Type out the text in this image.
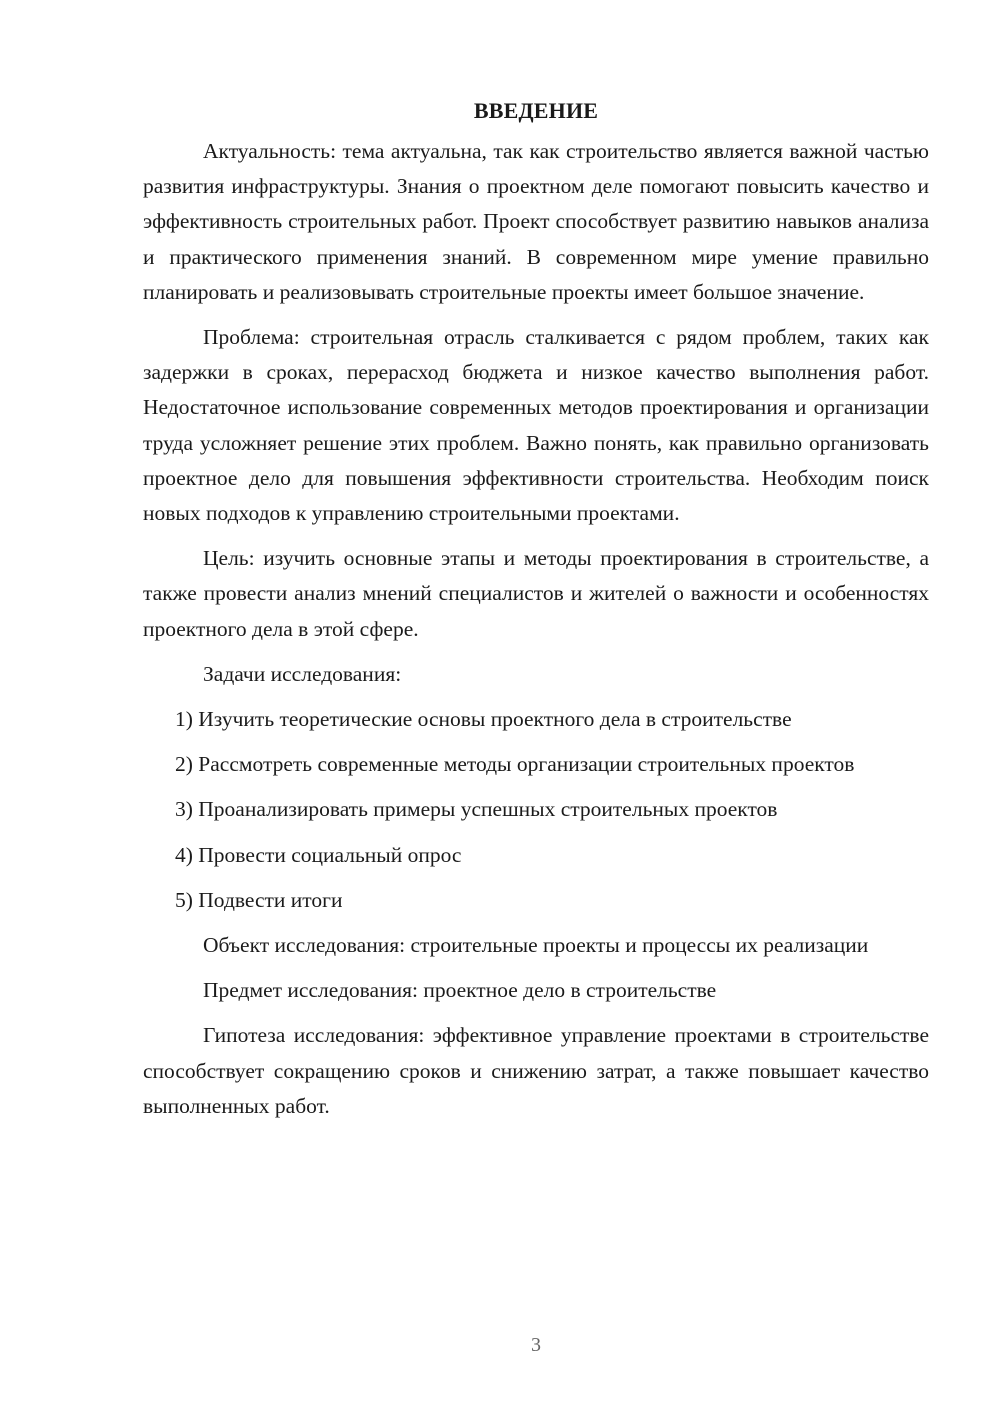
ВВЕДЕНИЕ

Актуальность: тема актуальна, так как строительство является важной частью развития инфраструктуры. Знания о проектном деле помогают повысить качество и эффективность строительных работ. Проект способствует развитию навыков анализа и практического применения знаний. В современном мире умение правильно планировать и реализовывать строительные проекты имеет большое значение.

Проблема: строительная отрасль сталкивается с рядом проблем, таких как задержки в сроках, перерасход бюджета и низкое качество выполнения работ. Недостаточное использование современных методов проектирования и организации труда усложняет решение этих проблем. Важно понять, как правильно организовать проектное дело для повышения эффективности строительства. Необходим поиск новых подходов к управлению строительными проектами.

Цель: изучить основные этапы и методы проектирования в строительстве, а также провести анализ мнений специалистов и жителей о важности и особенностях проектного дела в этой сфере.

Задачи исследования:

1) Изучить теоретические основы проектного дела в строительстве

2) Рассмотреть современные методы организации строительных проектов

3) Проанализировать примеры успешных строительных проектов

4) Провести социальный опрос

5) Подвести итоги

Объект исследования: строительные проекты и процессы их реализации

Предмет исследования: проектное дело в строительстве

Гипотеза исследования: эффективное управление проектами в строительстве способствует сокращению сроков и снижению затрат, а также повышает качество выполненных работ.

3
